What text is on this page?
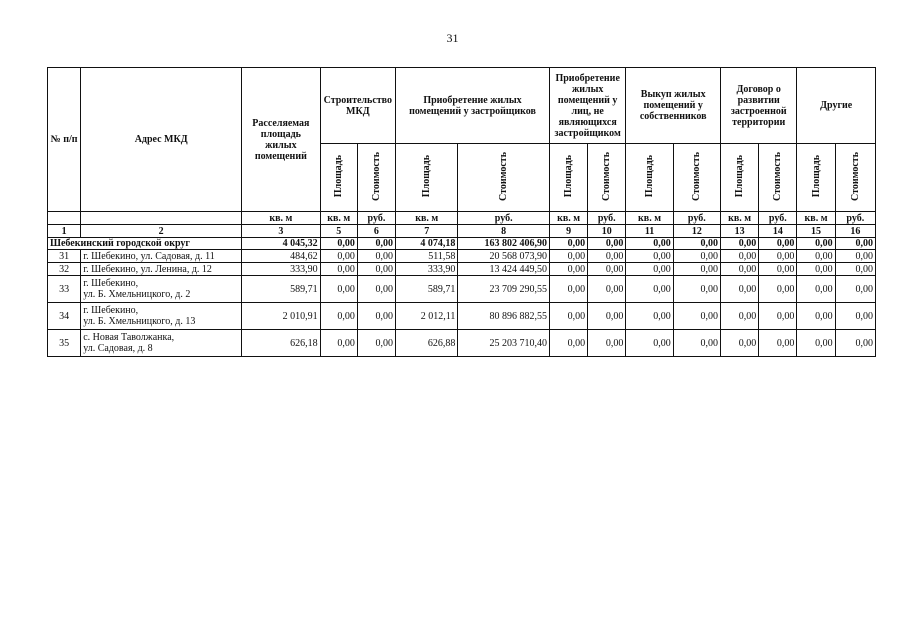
31
№ п/п	Адрес МКД	Расселяемая площадь жилых помещений	Строительство МКД		Приобретение жилых помещений у застройщиков		Приобретение жилых помещений у лиц, не являющихся застройщиком		Выкуп жилых помещений у собственников		Договор о развитии застроенной территории		Другие	
			Площадь	Стоимость	Площадь	Стоимость	Площадь	Стоимость	Площадь	Стоимость	Площадь	Стоимость	Площадь	Стоимость
		кв. м	кв. м	руб.	кв. м	руб.	кв. м	руб.	кв. м	руб.	кв. м	руб.	кв. м	руб.
1	2	3	5	6	7	8	9	10	11	12	13	14	15	16
Шебекинский городской округ		4 045,32	0,00	0,00	4 074,18	163 802 406,90	0,00	0,00	0,00	0,00	0,00	0,00	0,00	0,00
31	г. Шебекино, ул. Садовая, д. 11	484,62	0,00	0,00	511,58	20 568 073,90	0,00	0,00	0,00	0,00	0,00	0,00	0,00	0,00
32	г. Шебекино, ул. Ленина, д. 12	333,90	0,00	0,00	333,90	13 424 449,50	0,00	0,00	0,00	0,00	0,00	0,00	0,00	0,00
33	г. Шебекино,
ул. Б. Хмельницкого, д. 2	589,71	0,00	0,00	589,71	23 709 290,55	0,00	0,00	0,00	0,00	0,00	0,00	0,00	0,00
34	г. Шебекино,
ул. Б. Хмельницкого, д. 13	2 010,91	0,00	0,00	2 012,11	80 896 882,55	0,00	0,00	0,00	0,00	0,00	0,00	0,00	0,00
35	с. Новая Таволжанка,
ул. Садовая, д. 8	626,18	0,00	0,00	626,88	25 203 710,40	0,00	0,00	0,00	0,00	0,00	0,00	0,00	0,00
